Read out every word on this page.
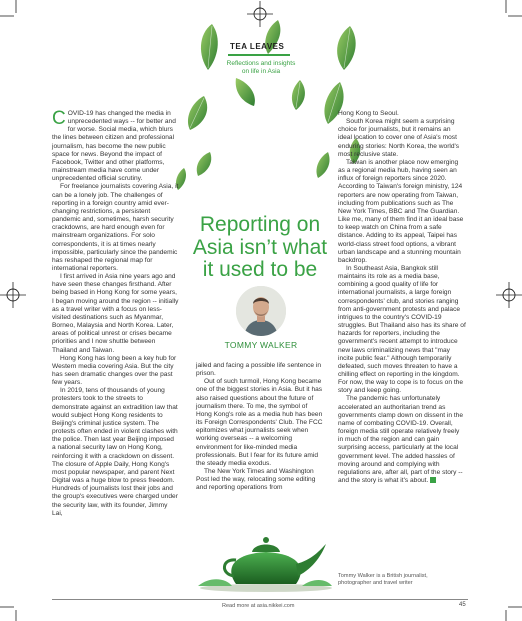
TEA LEAVES
Reflections and insights
on life in Asia
Reporting on
Asia isn’t what
it used to be
TOMMY WALKER

COVID-19 has changed the media in unprecedented ways -- for better and for worse. Social media, which blurs the lines between citizen and professional journalism, has become the new public space for news. Beyond the impact of Facebook, Twitter and other platforms, mainstream media have come under unprecedented official scrutiny.

For freelance journalists covering Asia, it can be a lonely job. The challenges of reporting in a foreign country amid ever-changing restrictions, a persistent pandemic and, sometimes, harsh security crackdowns, are hard enough even for mainstream organizations. For solo correspondents, it is at times nearly impossible, particularly since the pandemic has reshaped the regional map for international reporters.

I first arrived in Asia nine years ago and have seen these changes firsthand. After being based in Hong Kong for some years, I began moving around the region -- initially as a travel writer with a focus on less-visited destinations such as Myanmar, Borneo, Malaysia and North Korea. Later, areas of political unrest or crises became priorities and I now shuttle between Thailand and Taiwan.

Hong Kong has long been a key hub for Western media covering Asia. But the city has seen dramatic changes over the past few years.

In 2019, tens of thousands of young protesters took to the streets to demonstrate against an extradition law that would subject Hong Kong residents to Beijing's criminal justice system. The protests often ended in violent clashes with the police. Then last year Beijing imposed a national security law on Hong Kong, reinforcing it with a crackdown on dissent. The closure of Apple Daily, Hong Kong's most popular newspaper, and parent Next Digital was a huge blow to press freedom. Hundreds of journalists lost their jobs and the group's executives were charged under the security law, with its founder, Jimmy Lai,

jailed and facing a possible life sentence in prison.

Out of such turmoil, Hong Kong became one of the biggest stories in Asia. But it has also raised questions about the future of journalism there. To me, the symbol of Hong Kong's role as a media hub has been its Foreign Correspondents' Club. The FCC epitomizes what journalists seek when working overseas -- a welcoming environment for like-minded media professionals. But I fear for its future amid the steady media exodus.

The New York Times and Washington Post led the way, relocating some editing and reporting operations from

Hong Kong to Seoul.

South Korea might seem a surprising choice for journalists, but it remains an ideal location to cover one of Asia's most enduring stories: North Korea, the world's most reclusive state.

Taiwan is another place now emerging as a regional media hub, having seen an influx of foreign reporters since 2020. According to Taiwan's foreign ministry, 124 reporters are now operating from Taiwan, including from publications such as The New York Times, BBC and The Guardian. Like me, many of them find it an ideal base to keep watch on China from a safe distance. Adding to its appeal, Taipei has world-class street food options, a vibrant urban landscape and a stunning mountain backdrop.

In Southeast Asia, Bangkok still maintains its role as a media base, combining a good quality of life for international journalists, a large foreign correspondents' club, and stories ranging from anti-government protests and palace intrigues to the country's COVID-19 struggles. But Thailand also has its share of hazards for reporters, including the government's recent attempt to introduce new laws criminalizing news that "may incite public fear." Although temporarily defeated, such moves threaten to have a chilling effect on reporting in the kingdom. For now, the way to cope is to focus on the story and keep going.

The pandemic has unfortunately accelerated an authoritarian trend as governments clamp down on dissent in the name of combating COVID-19. Overall, foreign media still operate relatively freely in much of the region and can gain surprising access, particularly at the local government level. The added hassles of moving around and complying with regulations are, after all, part of the story -- and the story is what it's about. N

Tommy Walker is a British journalist,
photographer and travel writer
Read more at asia.nikkei.com	45
